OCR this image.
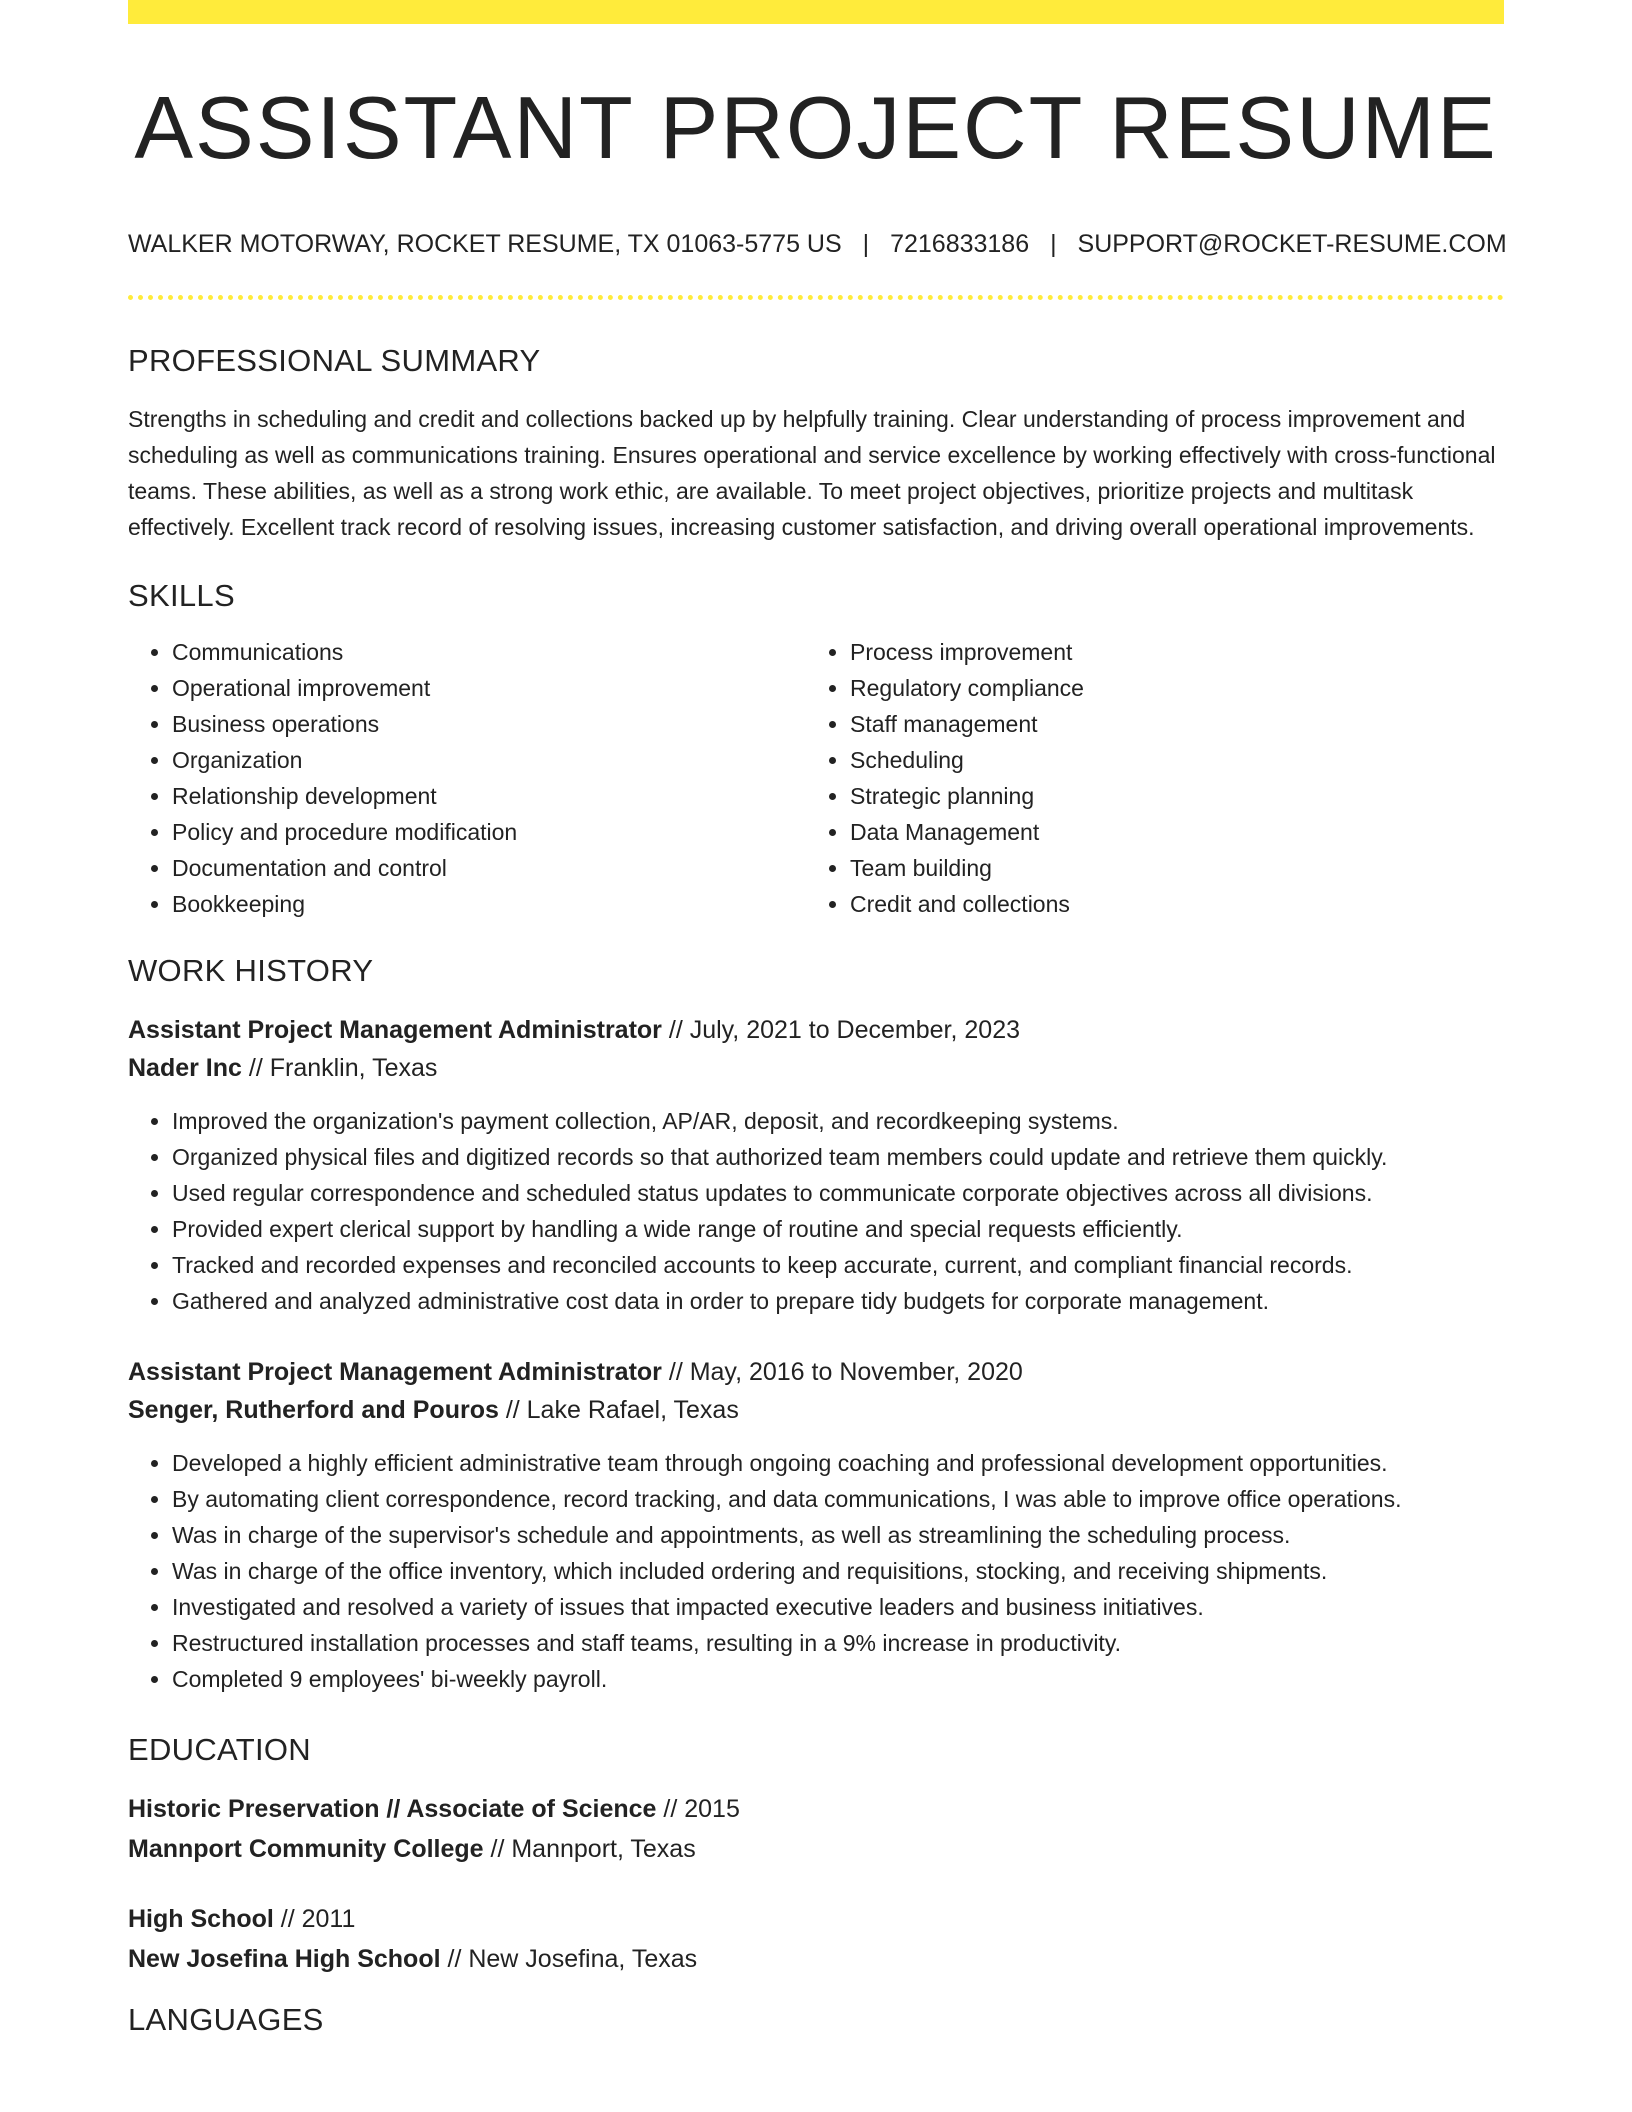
ASSISTANT PROJECT RESUME
WALKER MOTORWAY, ROCKET RESUME, TX 01063-5775 US | 7216833186 | SUPPORT@ROCKET-RESUME.COM
PROFESSIONAL SUMMARY
Strengths in scheduling and credit and collections backed up by helpfully training. Clear understanding of process improvement and scheduling as well as communications training. Ensures operational and service excellence by working effectively with cross-functional teams. These abilities, as well as a strong work ethic, are available. To meet project objectives, prioritize projects and multitask effectively. Excellent track record of resolving issues, increasing customer satisfaction, and driving overall operational improvements.
SKILLS
• Communications
• Operational improvement
• Business operations
• Organization
• Relationship development
• Policy and procedure modification
• Documentation and control
• Bookkeeping
• Process improvement
• Regulatory compliance
• Staff management
• Scheduling
• Strategic planning
• Data Management
• Team building
• Credit and collections
WORK HISTORY
Assistant Project Management Administrator // July, 2021 to December, 2023
Nader Inc // Franklin, Texas
• Improved the organization's payment collection, AP/AR, deposit, and recordkeeping systems.
• Organized physical files and digitized records so that authorized team members could update and retrieve them quickly.
• Used regular correspondence and scheduled status updates to communicate corporate objectives across all divisions.
• Provided expert clerical support by handling a wide range of routine and special requests efficiently.
• Tracked and recorded expenses and reconciled accounts to keep accurate, current, and compliant financial records.
• Gathered and analyzed administrative cost data in order to prepare tidy budgets for corporate management.
Assistant Project Management Administrator // May, 2016 to November, 2020
Senger, Rutherford and Pouros // Lake Rafael, Texas
• Developed a highly efficient administrative team through ongoing coaching and professional development opportunities.
• By automating client correspondence, record tracking, and data communications, I was able to improve office operations.
• Was in charge of the supervisor's schedule and appointments, as well as streamlining the scheduling process.
• Was in charge of the office inventory, which included ordering and requisitions, stocking, and receiving shipments.
• Investigated and resolved a variety of issues that impacted executive leaders and business initiatives.
• Restructured installation processes and staff teams, resulting in a 9% increase in productivity.
• Completed 9 employees' bi-weekly payroll.
EDUCATION
Historic Preservation // Associate of Science // 2015
Mannport Community College // Mannport, Texas
High School // 2011
New Josefina High School // New Josefina, Texas
LANGUAGES
